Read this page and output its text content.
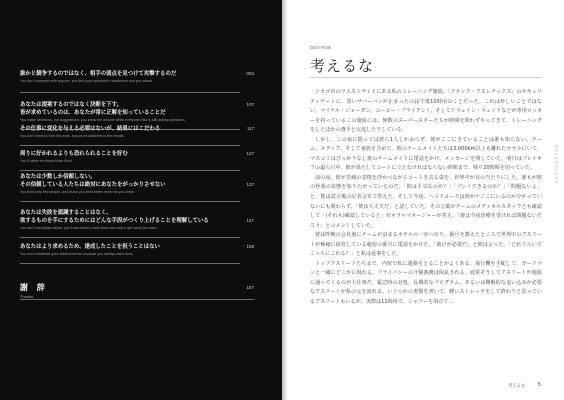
誰かと競争するのではなく、相手の弱点を見つけて攻撃するのだ
You don't compete with anyone, you find your opponent's weakness and you attack.
093
あなたは提案するのではなく決断を下す。
皆が求めているのは、あなたが常に正解を知っていることだ
You make decisions, not suggestions; you know the answer while everyone else is still asking questions.
107
その仕事に変化を与える必要はないが、結果にはこだわる
You don't have to love the work, but you're addicted to the results.
117
周りに好かれるよりも恐れられることを好む
You'd rather be feared than liked.
127
あなたは少数しか信頼しない。
その信頼している人たちは絶対にあなたをがっかりさせない
You trust very few people, and those you trust better never let you down.
137
あなたは失敗を認識することはなく、
欲するものを手にするためにはどんな手段がつくり上げることを理解している
You don't recognize failure; you know there's more than one way to get what you want.
147
あなたはより求めるため、達成したことを祝うことはない
You don't celebrate your achievements because you always want more.
159
謝 辞
Thanks
167
Don't Think
考えるな

シカゴ市のウエストサイドにある私のトレーニング施設、「アタック・アスレチックス」のセキュリティゲートに、黒いサバーバンが止まったのは午後10時頃のことだった。これは珍しいことではない。マイケル・ジョーダン、コービー・ブライアント、そしてドウェイン・ウェイドなどが専用ロッカーを持っているこの施設には、無数のスーパースターたちが時間を問わずやってきて、トレーニングをしたほかの選手と交流したりしている。

しかし、この夜に限っては彼ら1人しかおらず、彼がここにきていることは誰も知らない。チーム、メディア、そして家族を含めて。彼のチームメイトたちは3,000km以上も離れたホテルにいて、マスコミはぴっかりなし彼のチームメイトに電話をかけ、メッセージを残していた。明日はプレイオフの最ら只中、彼が果たしてコートに立たなければならない時間まで、残り20時間を切っていた。

前の夜、彼が苦痛の表情を浮かべながらコートを去る姿を、世界中が目の当たりにした。誰もが彼の怪我の状態を知りたがっていたのだ。「彼は平気なのか？」「プレイできるのか？」「問題ないよ」と、彼は試合後の記者会見で答えた。そして今夜、ヘッドコーチは彼がケジこにいるのか分かっていないにも関わらず、「彼は大丈夫だ」と話していた。その言葉がチームのメディカルスタッフとも確認して「(それも)確認していると」ゼネラルマネージャーが答え、「彼は今夜治療を受ければ問題ないだろう」とコメントしていた。

彼は昨晩の会見後にチームが泊まるホテルの一室へ戻り、番号を教えたところで世界中のアスリートが極秘に保管している秘密の番号に電話をかけた。「助けが必要だ」と彼は言った。「どれぐらいでこっちにこれる？」と私は返事をした。

トップアスリートたちまで、内密で私に連絡をとることがよくある。飛行機を手配して、ガードマンと一緒にどこかに現れる。プライバシーの守秘義務は保証される。通常そうしてアスリートが施設に通ってくるのが大仕事だ。緊急時の対処、長期的なプログラム、あるいは難解的な追い込みが必要なアスリートが私の元を訪れる。いくつかの書類を書いて、軽いストレッチをして終わりと思っているアスリートもいるが、実際は11時頃で、シャワーを浴びて…

RELENTLESS
考えるな	5
